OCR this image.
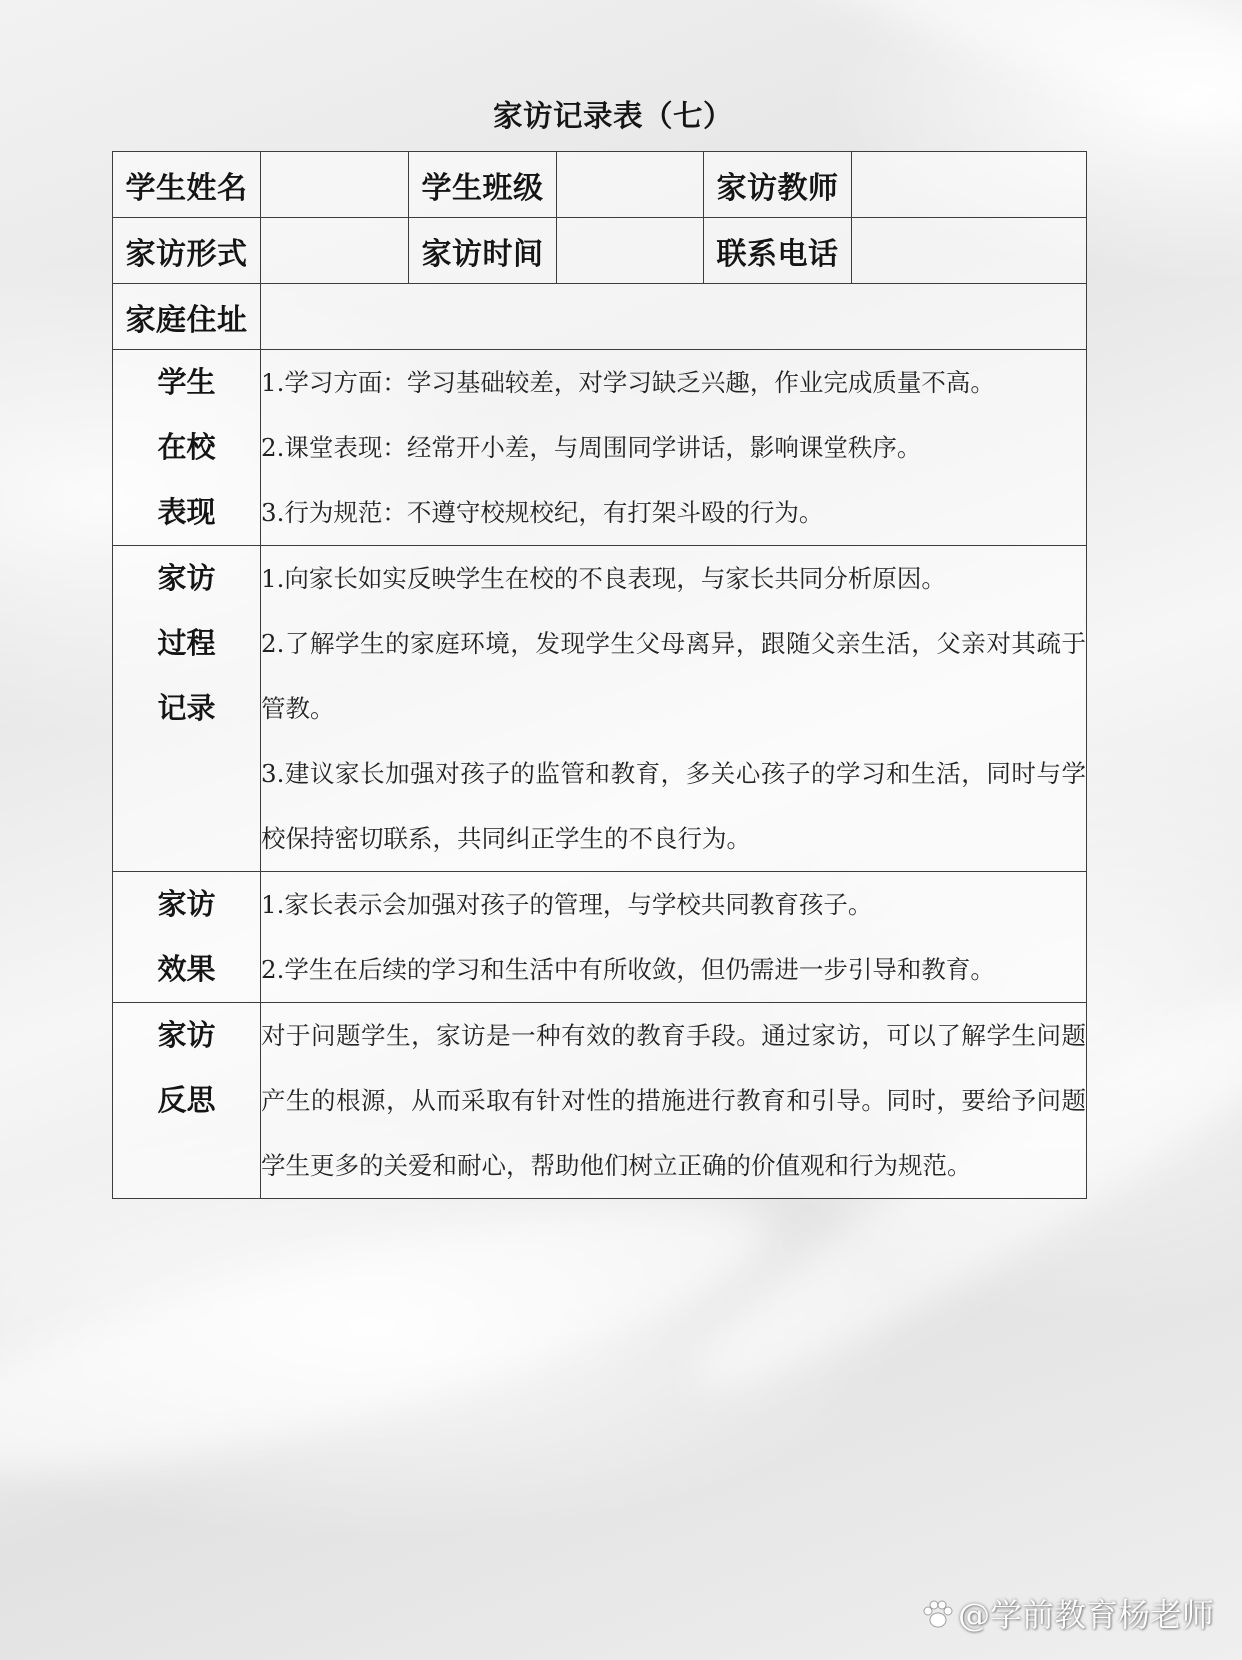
家访记录表（七）
学生姓名		学生班级		家访教师	
家访形式		家访时间		联系电话	
家庭住址					
学生在校表现	1.学习方面：学习基础较差，对学习缺乏兴趣，作业完成质量不高。

2.课堂表现：经常开小差，与周围同学讲话，影响课堂秩序。

3.行为规范：不遵守校规校纪，有打架斗殴的行为。				

家访过程记录	1.向家长如实反映学生在校的不良表现，与家长共同分析原因。

2.了解学生的家庭环境，发现学生父母离异，跟随父亲生活，父亲对其疏于管教。

3.建议家长加强对孩子的监管和教育，多关心孩子的学习和生活，同时与学校保持密切联系，共同纠正学生的不良行为。				

家访效果	1.家长表示会加强对孩子的管理，与学校共同教育孩子。

2.学生在后续的学习和生活中有所收敛，但仍需进一步引导和教育。				

家访反思	对于问题学生，家访是一种有效的教育手段。通过家访，可以了解学生问题产生的根源，从而采取有针对性的措施进行教育和引导。同时，要给予问题学生更多的关爱和耐心，帮助他们树立正确的价值观和行为规范。				

@学前教育杨老师
